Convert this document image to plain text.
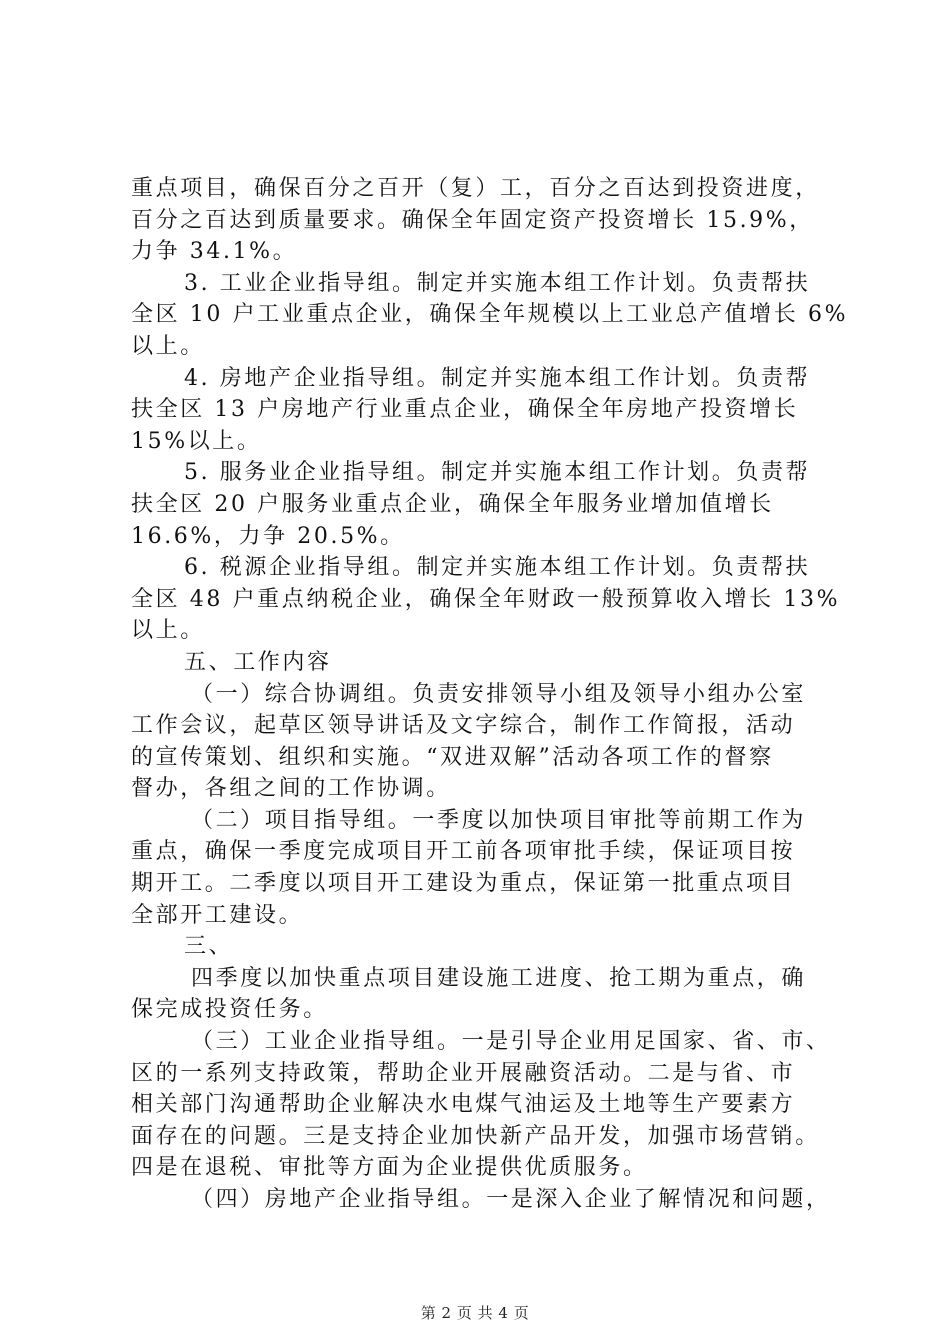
重点项目，确保百分之百开（复）工，百分之百达到投资进度，
百分之百达到质量要求。确保全年固定资产投资增长 15.9%，
力争 34.1%。
3. 工业企业指导组。制定并实施本组工作计划。负责帮扶
全区 10 户工业重点企业，确保全年规模以上工业总产值增长 6%
以上。
4. 房地产企业指导组。制定并实施本组工作计划。负责帮
扶全区 13 户房地产行业重点企业，确保全年房地产投资增长
15%以上。
5. 服务业企业指导组。制定并实施本组工作计划。负责帮
扶全区 20 户服务业重点企业，确保全年服务业增加值增长
16.6%，力争 20.5%。
6. 税源企业指导组。制定并实施本组工作计划。负责帮扶
全区 48 户重点纳税企业，确保全年财政一般预算收入增长 13%
以上。
五、工作内容
（一）综合协调组。负责安排领导小组及领导小组办公室
工作会议，起草区领导讲话及文字综合，制作工作简报，活动
的宣传策划、组织和实施。“双进双解”活动各项工作的督察
督办，各组之间的工作协调。
（二）项目指导组。一季度以加快项目审批等前期工作为
重点，确保一季度完成项目开工前各项审批手续，保证项目按
期开工。二季度以项目开工建设为重点，保证第一批重点项目
全部开工建设。
三、
四季度以加快重点项目建设施工进度、抢工期为重点，确
保完成投资任务。
（三）工业企业指导组。一是引导企业用足国家、省、市、
区的一系列支持政策，帮助企业开展融资活动。二是与省、市
相关部门沟通帮助企业解决水电煤气油运及土地等生产要素方
面存在的问题。三是支持企业加快新产品开发，加强市场营销。
四是在退税、审批等方面为企业提供优质服务。
（四）房地产企业指导组。一是深入企业了解情况和问题，
第 2 页 共 4 页
